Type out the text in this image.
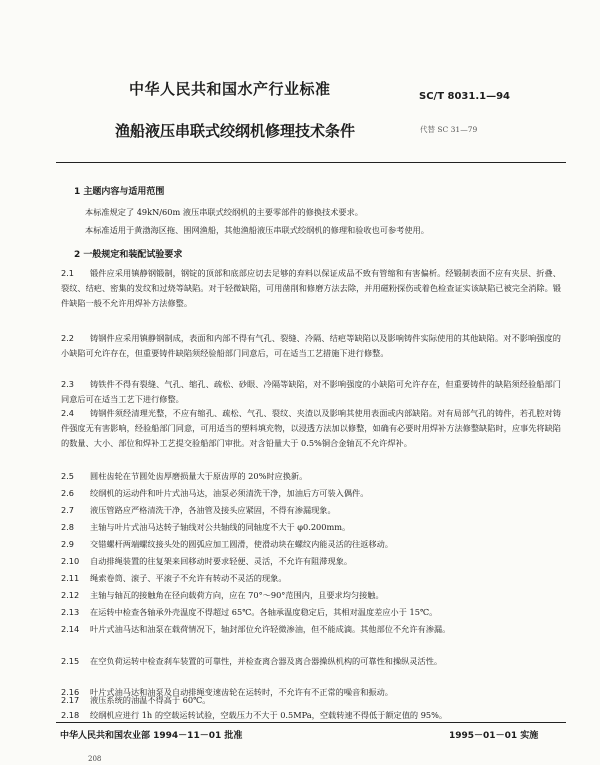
中华人民共和国水产行业标准	SC/T 8031.1—94
渔船液压串联式绞纲机修理技术条件	代替 SC 31—79
1 主题内容与适用范围
本标准规定了 49kN/60m 液压串联式绞纲机的主要零部件的修换技术要求。
本标准适用于黄渤海区拖、围网渔船，其他渔船液压串联式绞纲机的修理和验收也可参考使用。
2 一般规定和装配试验要求
2.1	锻件应采用镇静钢锻制，钢锭的顶部和底部应切去足够的弃料以保证成品不致有管缩和有害偏析。经锻制表面不应有夹层、折叠、裂纹、结疤、密集的发纹和过烧等缺陷。对于轻微缺陷，可用凿削和修磨方法去除，并用磁粉探伤或着色检查证实该缺陷已被完全消除。锻件缺陷一般不允许用焊补方法修整。
2.2	铸钢件应采用镇静钢制成，表面和内部不得有气孔、裂缝、冷隔、结疤等缺陷以及影响铸件实际使用的其他缺陷。对不影响强度的小缺陷可允许存在，但重要铸件缺陷须经验船部门同意后，可在适当工艺措施下进行修整。
2.3	铸铁件不得有裂缝、气孔、缩孔、疏松、砂眼、冷隔等缺陷，对不影响强度的小缺陷可允许存在，但重要铸件的缺陷须经验船部门同意后可在适当工艺下进行修整。
2.4	铸钢件须经清理光整，不应有缩孔、疏松、气孔、裂纹、夹渣以及影响其使用表面或内部缺陷。对有局部气孔的铸件，若孔腔对铸件强度无有害影响，经验船部门同意，可用适当的塑料填充物，以浸透方法加以修整，如确有必要时用焊补方法修整缺陷时，应事先将缺陷的数量、大小、部位和焊补工艺提交验船部门审批。对含铅量大于 0.5%铜合金轴瓦不允许焊补。
2.5	圆柱齿轮在节圆处齿厚磨损量大于原齿厚的 20%时应换新。
2.6	绞纲机的运动件和叶片式油马达，油泵必须清洗干净，加油后方可装入偶件。
2.7	液压管路应严格清洗干净，各油管及接头应紧固，不得有渗漏现象。
2.8	主轴与叶片式油马达转子轴线对公共轴线的同轴度不大于 φ0.200mm。
2.9	交错螺杆两端螺纹接头处的圆弧应加工圆滑，使滑动块在螺纹内能灵活的往返移动。
2.10	自动排绳装置的往复架来回移动时要求轻便、灵活，不允许有阻滞现象。
2.11	绳索卷筒、滚子、平滚子不允许有转动不灵活的现象。
2.12	主轴与轴瓦的接触角在径向载荷方向，应在 70°～90°范围内，且要求均匀接触。
2.13	在运转中检查各轴承外壳温度不得超过 65℃。各轴承温度稳定后，其相对温度差应小于 15℃。
2.14	叶片式油马达和油泵在载荷情况下，轴封部位允许轻微渗油，但不能成滴。其他部位不允许有渗漏。
2.15	在空负荷运转中检查刹车装置的可靠性，并检查离合器及离合器操纵机构的可靠性和操纵灵活性。
2.16	叶片式油马达和油泵及自动排绳变速齿轮在运转时，不允许有不正常的噪音和振动。
2.17	液压系统的油温不得高于 60℃。
2.18	绞纲机应进行 1h 的空载运转试验，空载压力不大于 0.5MPa，空载转速不得低于额定值的 95%。
中华人民共和国农业部 1994－11－01 批准	1995－01－01 实施
208
